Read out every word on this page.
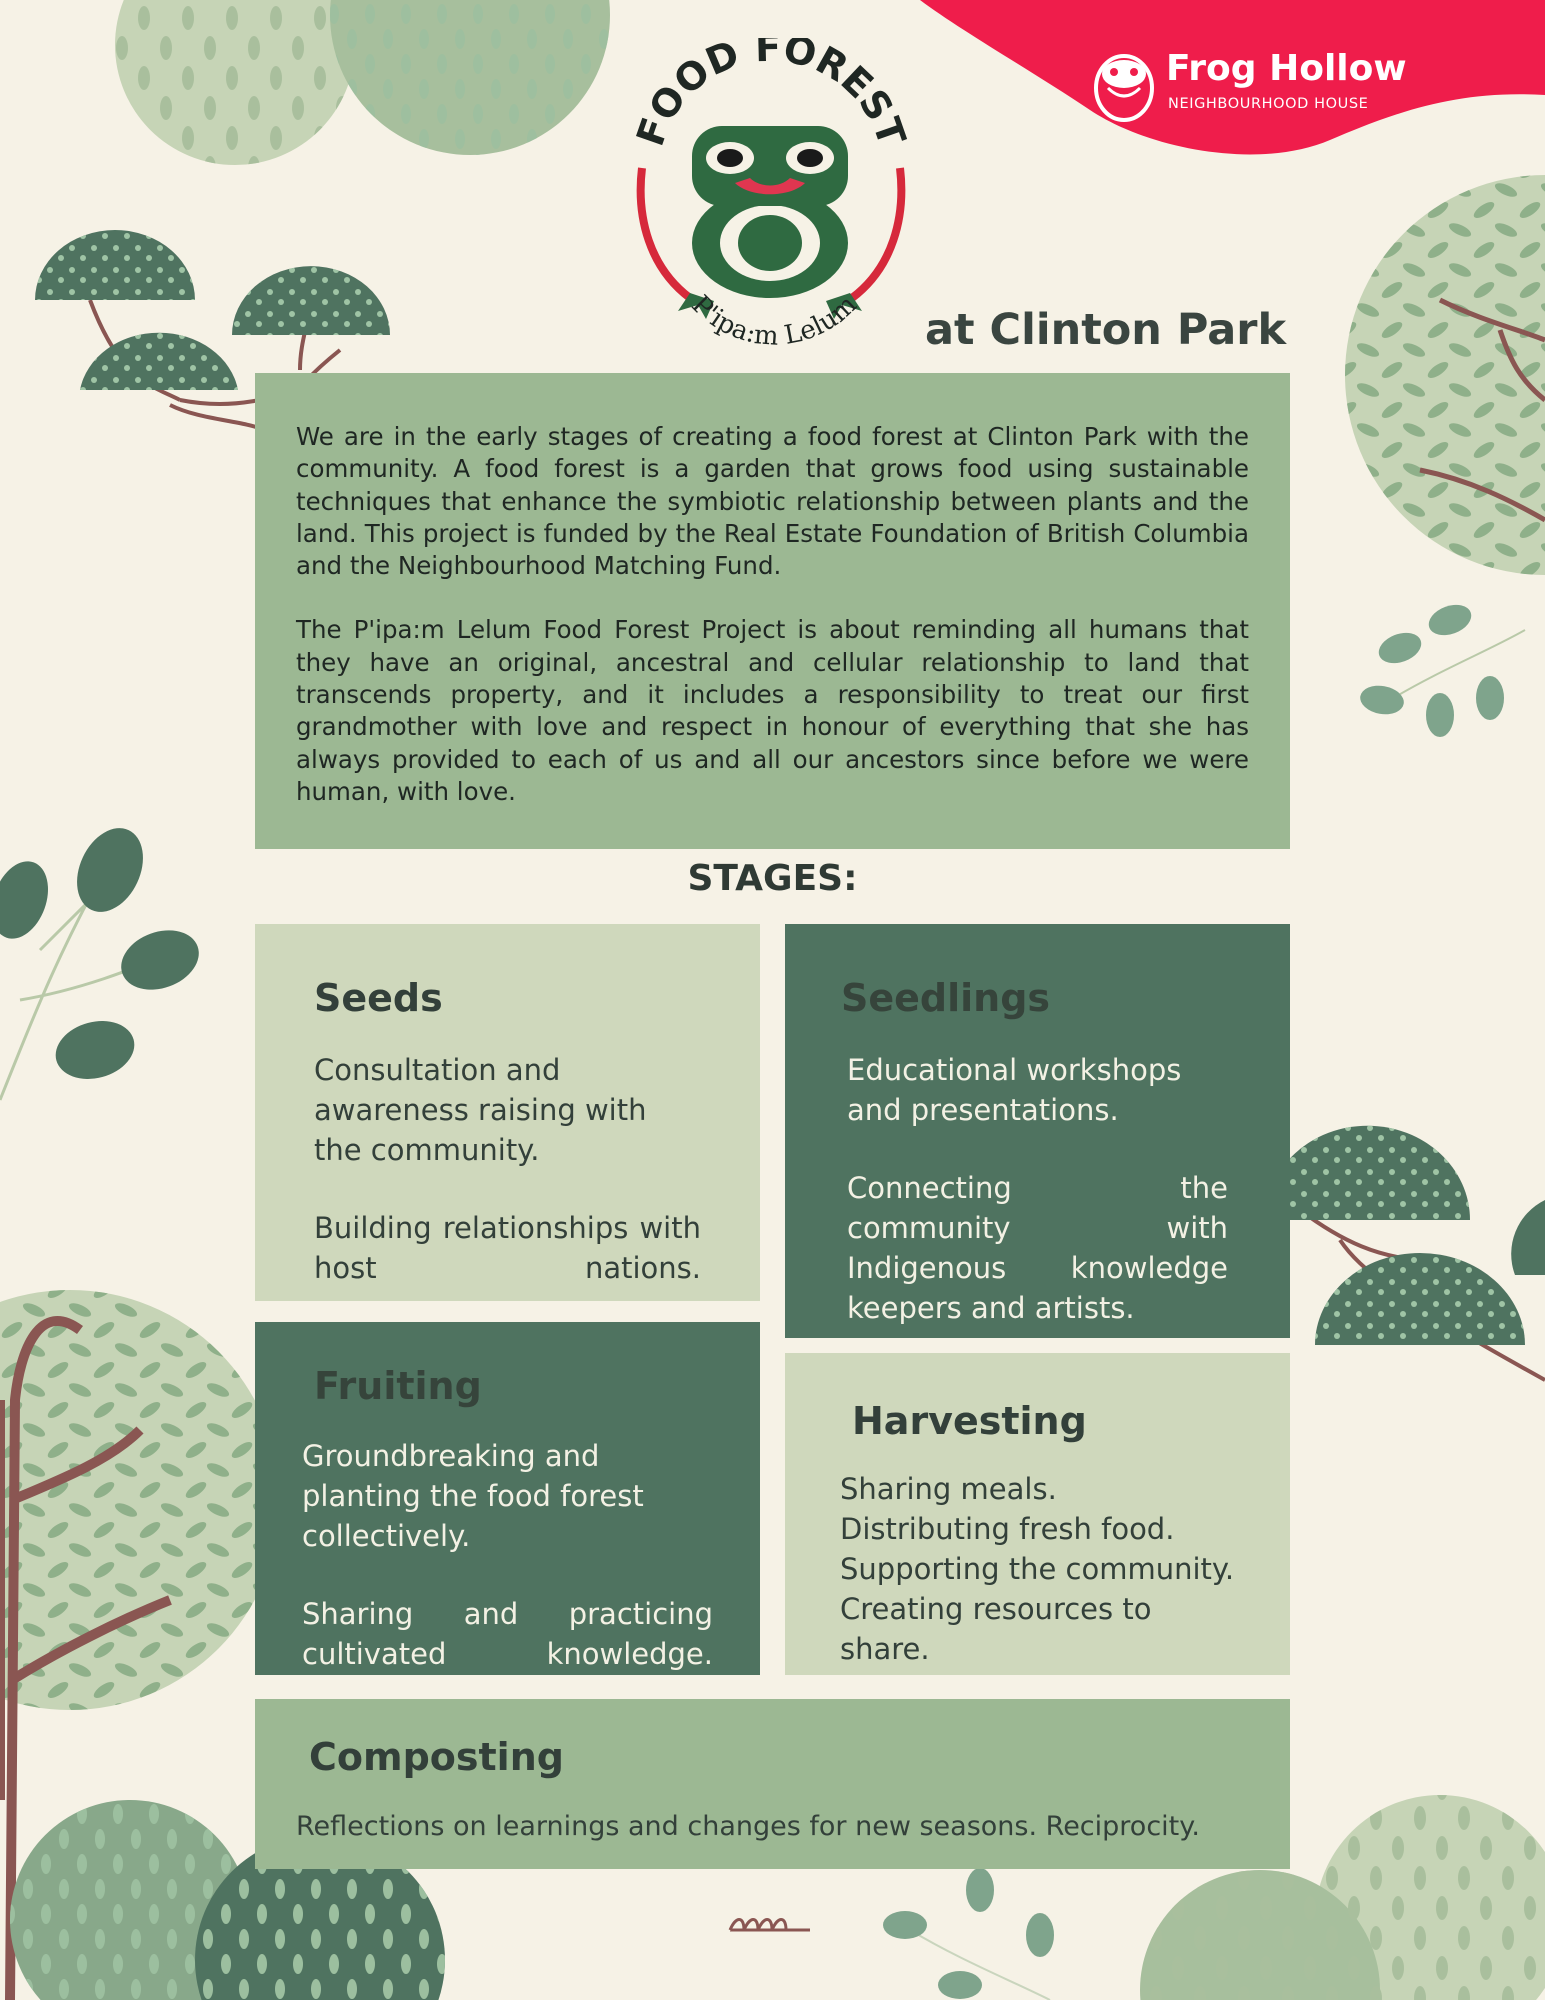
FOOD FOREST
P'ipa:m Lelum
Frog Hollow
NEIGHBOURHOOD HOUSE
at Clinton Park

We are in the early stages of creating a food forest at Clinton Park with the community. A food forest is a garden that grows food using sustainable techniques that enhance the symbiotic relationship between plants and the land. This project is funded by the Real Estate Foundation of British Columbia and the Neighbourhood Matching Fund.

The P'ipa:m Lelum Food Forest Project is about reminding all humans that they have an original, ancestral and cellular relationship to land that transcends property, and it includes a responsibility to treat our first grandmother with love and respect in honour of everything that she has always provided to each of us and all our ancestors since before we were human, with love.

STAGES:
Seeds

Consultation and awareness raising with the community.

Building relationships with host nations.

Seedlings

Educational workshops and presentations.

Connecting the community with Indigenous knowledge keepers and artists.

Fruiting

Groundbreaking and planting the food forest collectively.

Sharing and practicing cultivated knowledge.

Harvesting

Sharing meals.

Distributing fresh food.

Supporting the community.

Creating resources to share.

Composting

Reflections on learnings and changes for new seasons. Reciprocity.
